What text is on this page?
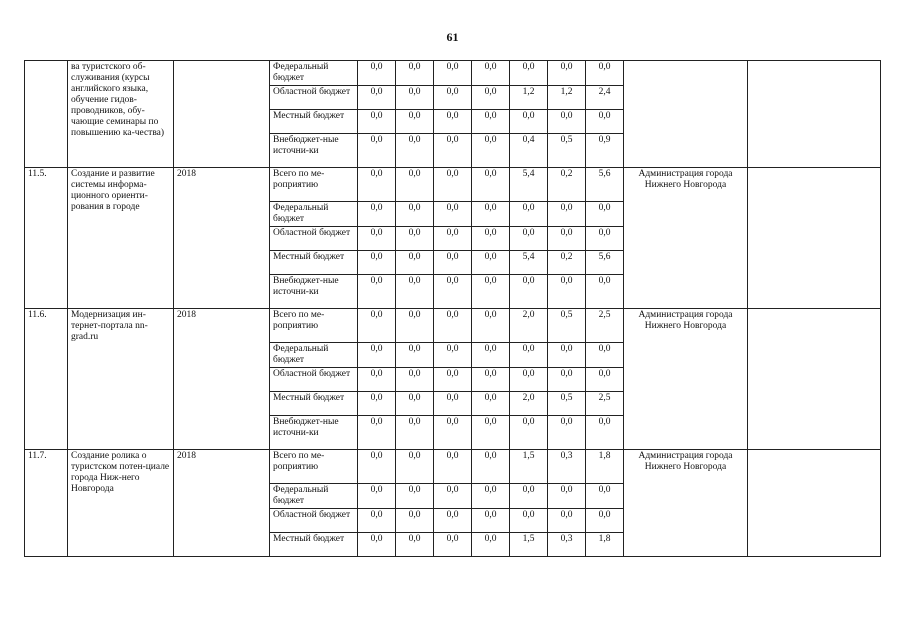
61
	ва туристского об-служивания (курсы английского языка, обучение гидов-проводников, обу-чающие семинары по повышению ка-чества)		Федеральный бюджет	0,0	0,0	0,0	0,0	0,0	0,0	0,0		
			Областной бюджет	0,0	0,0	0,0	0,0	1,2	1,2	2,4		
			Местный бюджет	0,0	0,0	0,0	0,0	0,0	0,0	0,0		
			Внебюджет-ные источни-ки	0,0	0,0	0,0	0,0	0,4	0,5	0,9		
11.5.	Создание и развитие системы информа-ционного ориенти-рования в городе	2018	Всего по ме-роприятию	0,0	0,0	0,0	0,0	5,4	0,2	5,6	Администрация города Нижнего Новгорода	
			Федеральный бюджет	0,0	0,0	0,0	0,0	0,0	0,0	0,0		
			Областной бюджет	0,0	0,0	0,0	0,0	0,0	0,0	0,0		
			Местный бюджет	0,0	0,0	0,0	0,0	5,4	0,2	5,6		
			Внебюджет-ные источни-ки	0,0	0,0	0,0	0,0	0,0	0,0	0,0		
11.6.	Модернизация ин-тернет-портала nn-grad.ru	2018	Всего по ме-роприятию	0,0	0,0	0,0	0,0	2,0	0,5	2,5	Администрация города Нижнего Новгорода	
			Федеральный бюджет	0,0	0,0	0,0	0,0	0,0	0,0	0,0		
			Областной бюджет	0,0	0,0	0,0	0,0	0,0	0,0	0,0		
			Местный бюджет	0,0	0,0	0,0	0,0	2,0	0,5	2,5		
			Внебюджет-ные источни-ки	0,0	0,0	0,0	0,0	0,0	0,0	0,0		
11.7.	Создание ролика о туристском потен-циале города Ниж-него Новгорода	2018	Всего по ме-роприятию	0,0	0,0	0,0	0,0	1,5	0,3	1,8	Администрация города Нижнего Новгорода	
			Федеральный бюджет	0,0	0,0	0,0	0,0	0,0	0,0	0,0		
			Областной бюджет	0,0	0,0	0,0	0,0	0,0	0,0	0,0		
			Местный бюджет	0,0	0,0	0,0	0,0	1,5	0,3	1,8		
